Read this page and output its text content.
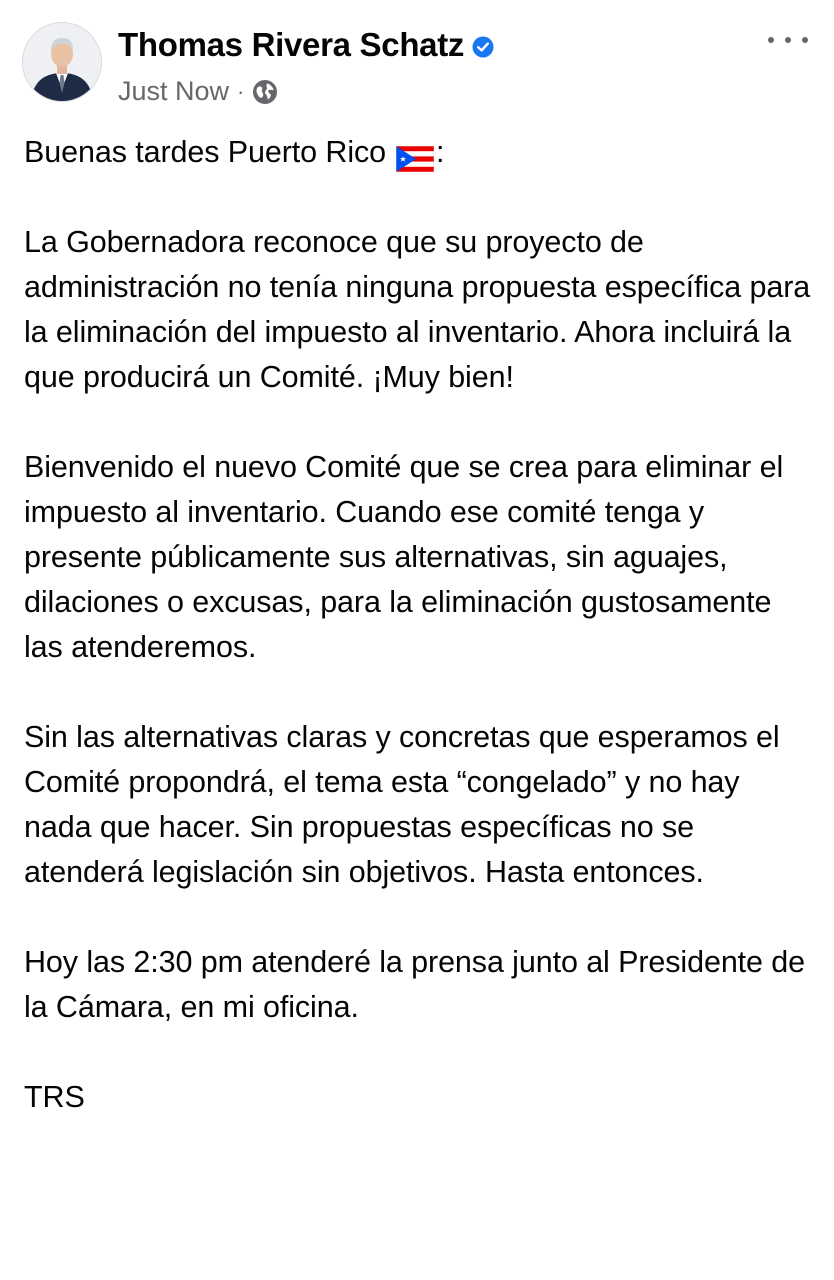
Thomas Rivera Schatz
Just Now ·

Buenas tardes Puerto Rico :

La Gobernadora reconoce que su proyecto de administración no tenía ninguna propuesta específica para la eliminación del impuesto al inventario. Ahora incluirá la que producirá un Comité. ¡Muy bien!

Bienvenido el nuevo Comité que se crea para eliminar el impuesto al inventario. Cuando ese comité tenga y presente públicamente sus alternativas, sin aguajes, dilaciones o excusas, para la eliminación gustosamente las atenderemos.

Sin las alternativas claras y concretas que esperamos el Comité propondrá, el tema esta “congelado” y no hay nada que hacer. Sin propuestas específicas no se atenderá legislación sin objetivos. Hasta entonces.

Hoy las 2:30 pm atenderé la prensa junto al Presidente de la Cámara, en mi oficina.

TRS
